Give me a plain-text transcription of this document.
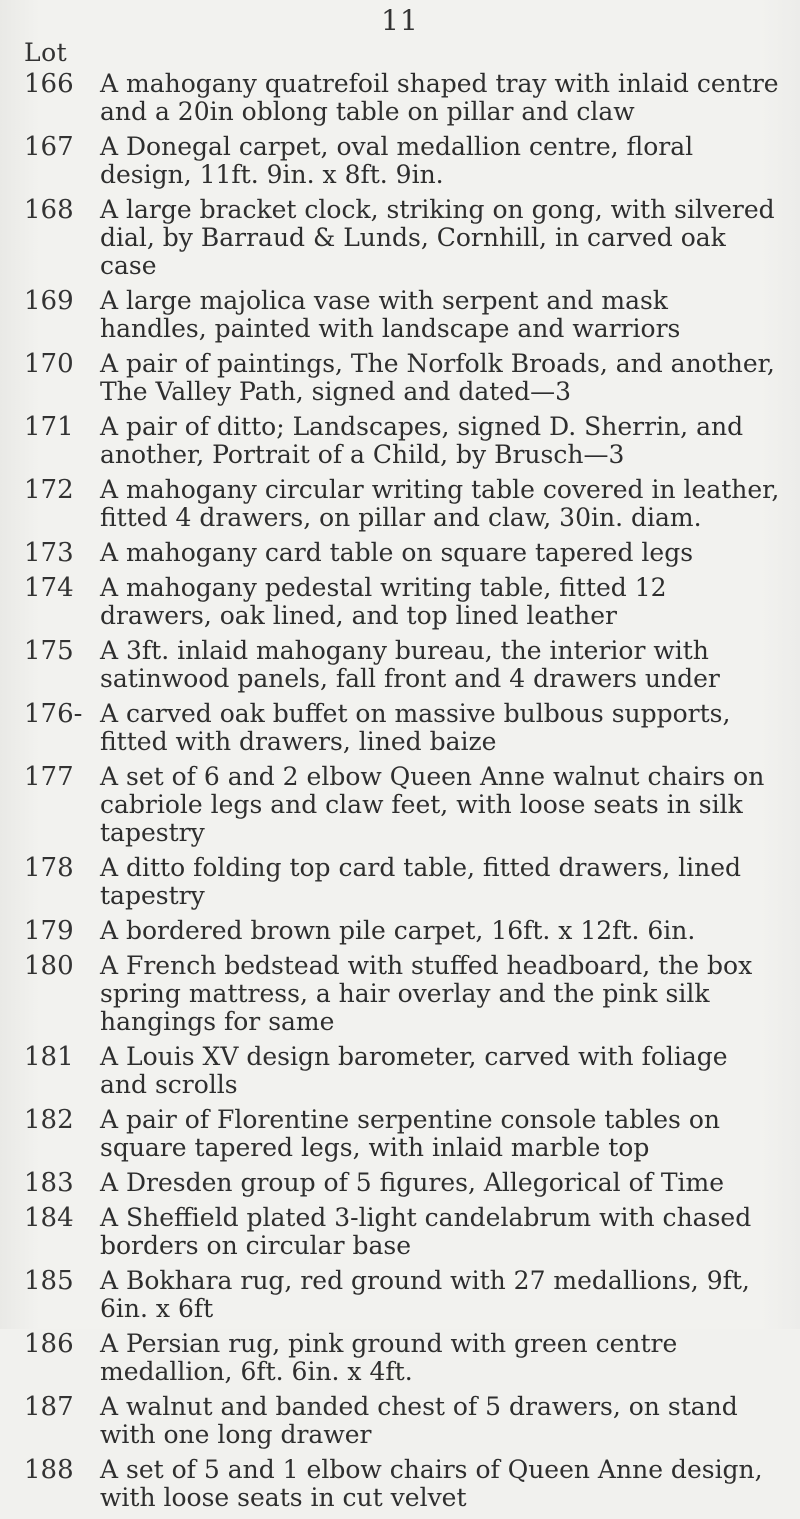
11
Lot
166	A mahogany quatrefoil shaped tray with inlaid centre and a 20in oblong table on pillar and claw
167	A Donegal carpet, oval medallion centre, floral design, 11ft. 9in. x 8ft. 9in.
168	A large bracket clock, striking on gong, with silvered dial, by Barraud & Lunds, Cornhill, in carved oak case
169	A large majolica vase with serpent and mask handles, painted with landscape and warriors
170	A pair of paintings, The Norfolk Broads, and another, The Valley Path, signed and dated—3
171	A pair of ditto; Landscapes, signed D. Sherrin, and another, Portrait of a Child, by Brusch—3
172	A mahogany circular writing table covered in leather, fitted 4 drawers, on pillar and claw, 30in. diam.
173	A mahogany card table on square tapered legs
174	A mahogany pedestal writing table, fitted 12 drawers, oak lined, and top lined leather
175	A 3ft. inlaid mahogany bureau, the interior with satinwood panels, fall front and 4 drawers under
176- A carved oak buffet on massive bulbous supports, fitted with drawers, lined baize
177	A set of 6 and 2 elbow Queen Anne walnut chairs on cabriole legs and claw feet, with loose seats in silk tapestry
178	A ditto folding top card table, fitted drawers, lined tapestry
179	A bordered brown pile carpet, 16ft. x 12ft. 6in.
180	A French bedstead with stuffed headboard, the box spring mattress, a hair overlay and the pink silk hangings for same
181	A Louis XV design barometer, carved with foliage and scrolls
182	A pair of Florentine serpentine console tables on square tapered legs, with inlaid marble top
183	A Dresden group of 5 figures, Allegorical of Time
184	A Sheffield plated 3-light candelabrum with chased borders on circular base
185	A Bokhara rug, red ground with 27 medallions, 9ft, 6in. x 6ft
186	A Persian rug, pink ground with green centre medallion, 6ft. 6in. x 4ft.
187	A walnut and banded chest of 5 drawers, on stand with one long drawer
188	A set of 5 and 1 elbow chairs of Queen Anne design, with loose seats in cut velvet
